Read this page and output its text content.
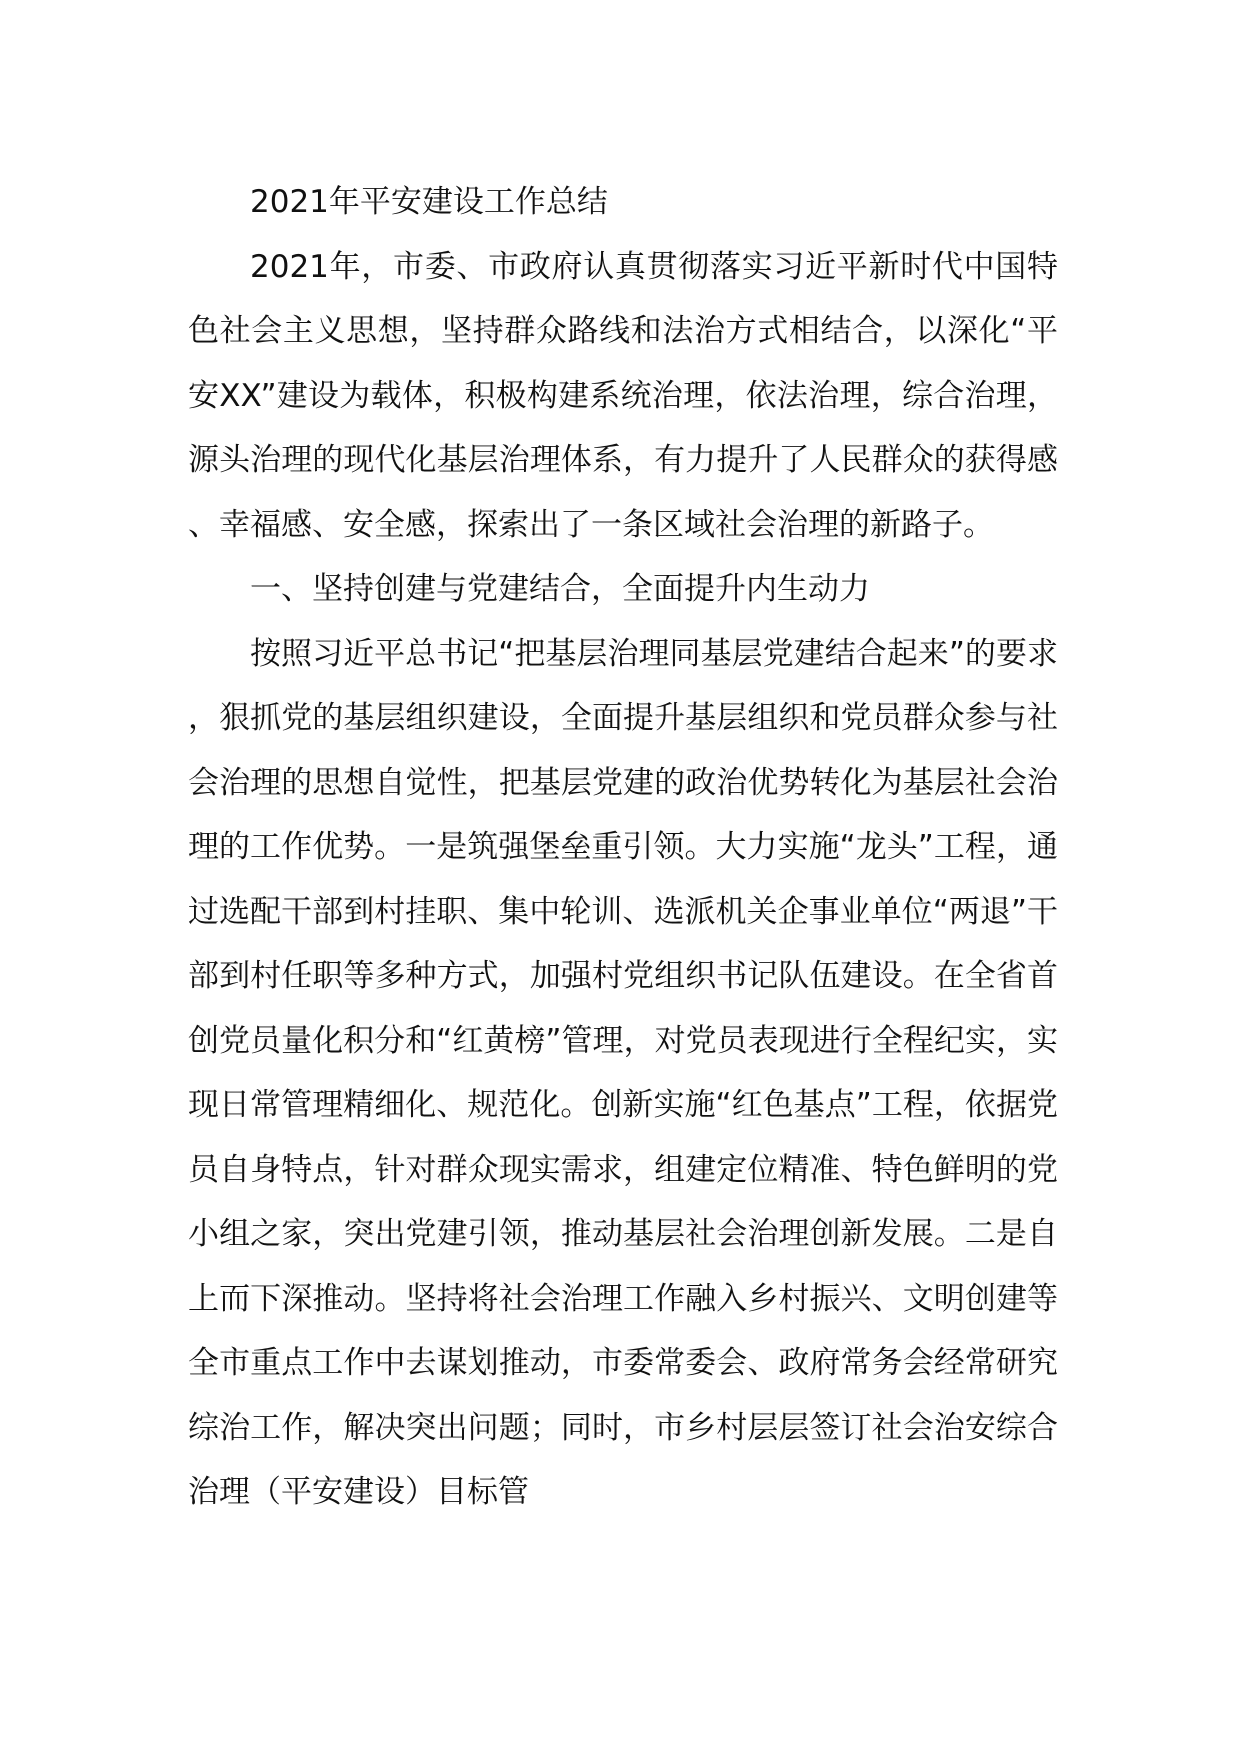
2021年平安建设工作总结

2021年，市委、市政府认真贯彻落实习近平新时代中国特色社会主义思想，坚持群众路线和法治方式相结合，以深化“平安XX”建设为载体，积极构建系统治理，依法治理，综合治理，源头治理的现代化基层治理体系，有力提升了人民群众的获得感、幸福感、安全感，探索出了一条区域社会治理的新路子。

一、坚持创建与党建结合，全面提升内生动力

按照习近平总书记“把基层治理同基层党建结合起来”的要求，狠抓党的基层组织建设，全面提升基层组织和党员群众参与社会治理的思想自觉性，把基层党建的政治优势转化为基层社会治理的工作优势。一是筑强堡垒重引领。大力实施“龙头”工程，通过选配干部到村挂职、集中轮训、选派机关企事业单位“两退”干部到村任职等多种方式，加强村党组织书记队伍建设。在全省首创党员量化积分和“红黄榜”管理，对党员表现进行全程纪实，实现日常管理精细化、规范化。创新实施“红色基点”工程，依据党员自身特点，针对群众现实需求，组建定位精准、特色鲜明的党小组之家，突出党建引领，推动基层社会治理创新发展。二是自上而下深推动。坚持将社会治理工作融入乡村振兴、文明创建等全市重点工作中去谋划推动，市委常委会、政府常务会经常研究综治工作，解决突出问题；同时，市乡村层层签订社会治安综合治理（平安建设）目标管
